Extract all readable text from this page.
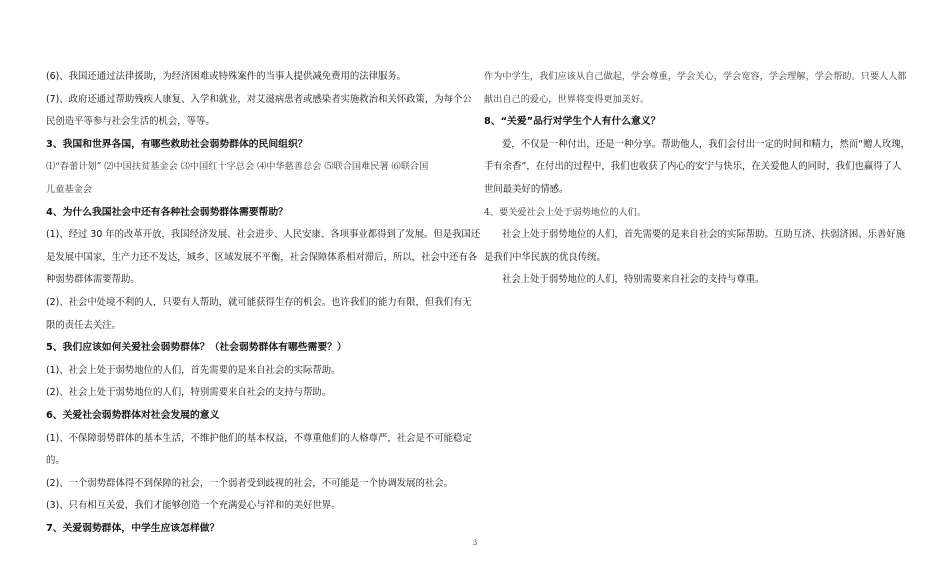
(6)、我国还通过法律援助，为经济困难或特殊案件的当事人提供减免费用的法律服务。

(7)、政府还通过帮助残疾人康复、入学和就业，对艾滋病患者或感染者实施救治和关怀政策，为每个公

民创造平等参与社会生活的机会，等等。

3、我国和世界各国，有哪些救助社会弱势群体的民间组织？

⑴“春蕾计划” ⑵中国扶贫基金会 ⑶中国红十字总会 ⑷中华慈善总会 ⑸联合国难民署 ⑹联合国

儿童基金会

4、为什么我国社会中还有各种社会弱势群体需要帮助？

(1)、经过 30 年的改革开放，我国经济发展、社会进步、人民安康、各项事业都得到了发展。但是我国还

是发展中国家，生产力还不发达，城乡、区域发展不平衡，社会保障体系相对滞后，所以，社会中还有各

种弱势群体需要帮助。

(2)、社会中处境不利的人，只要有人帮助，就可能获得生存的机会。也许我们的能力有限，但我们有无

限的责任去关注。

5、我们应该如何关爱社会弱势群体？（社会弱势群体有哪些需要？）

(1)、社会上处于弱势地位的人们，首先需要的是来自社会的实际帮助。

(2)、社会上处于弱势地位的人们，特别需要来自社会的支持与帮助。

6、关爱社会弱势群体对社会发展的意义

(1)、不保障弱势群体的基本生活，不维护他们的基本权益，不尊重他们的人格尊严，社会是不可能稳定

的。

(2)、一个弱势群体得不到保障的社会，一个弱者受到歧视的社会，不可能是一个协调发展的社会。

(3)、只有相互关爱，我们才能够创造一个充满爱心与祥和的美好世界。

7、关爱弱势群体，中学生应该怎样做？

作为中学生，我们应该从自己做起，学会尊重，学会关心，学会宽容，学会理解，学会帮助。只要人人都

献出自己的爱心，世界将变得更加美好。

8、“关爱”品行对学生个人有什么意义？

爱，不仅是一种付出，还是一种分享。帮助他人，我们会付出一定的时间和精力，然而“赠人玫瑰，

手有余香”，在付出的过程中，我们也收获了内心的安宁与快乐，在关爱他人的同时，我们也赢得了人

世间最美好的情感。

4、要关爱社会上处于弱势地位的人们。

社会上处于弱势地位的人们，首先需要的是来自社会的实际帮助。互助互济、扶弱济困、乐善好施

是我们中华民族的优良传统。

社会上处于弱势地位的人们，特别需要来自社会的支持与尊重。

3
